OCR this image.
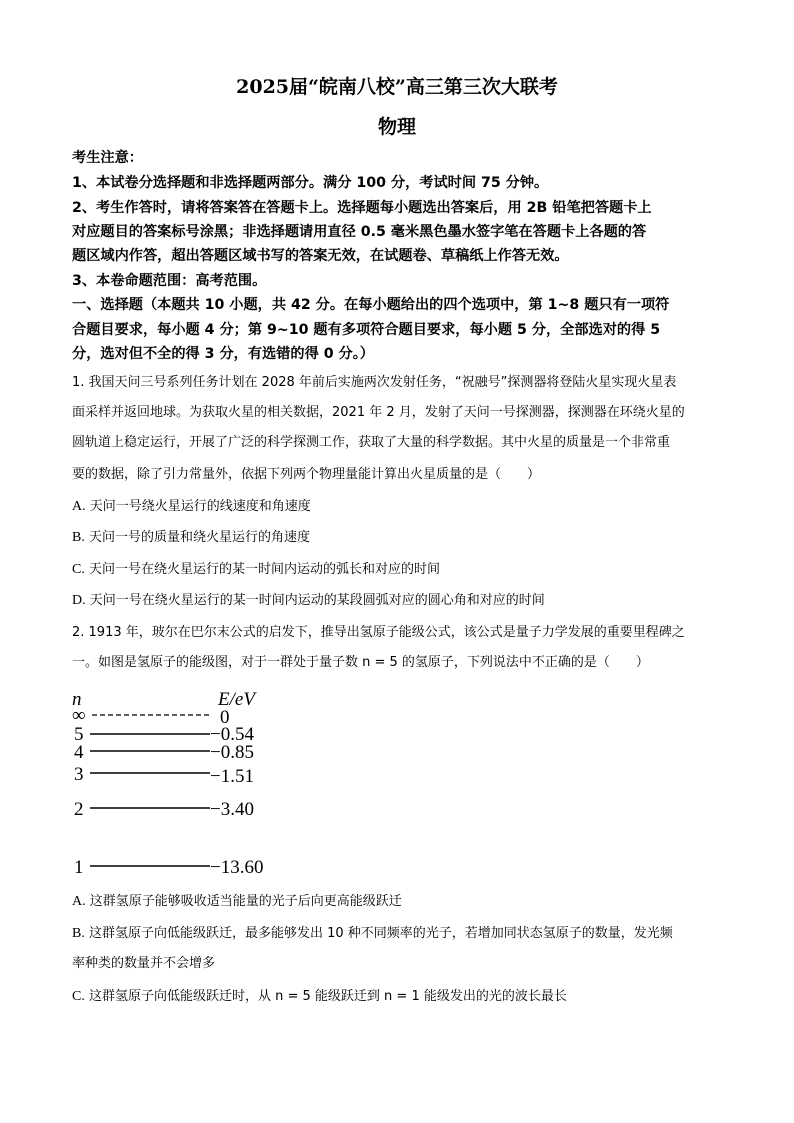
2025届“皖南八校”高三第三次大联考
物理
考生注意：
1、本试卷分选择题和非选择题两部分。满分 100 分，考试时间 75 分钟。
2、考生作答时，请将答案答在答题卡上。选择题每小题选出答案后，用 2B 铅笔把答题卡上
对应题目的答案标号涂黑；非选择题请用直径 0.5 毫米黑色墨水签字笔在答题卡上各题的答
题区域内作答，超出答题区域书写的答案无效，在试题卷、草稿纸上作答无效。
3、本卷命题范围：高考范围。
一、选择题（本题共 10 小题，共 42 分。在每小题给出的四个选项中，第 1~8 题只有一项符
合题目要求，每小题 4 分；第 9~10 题有多项符合题目要求，每小题 5 分，全部选对的得 5
分，选对但不全的得 3 分，有选错的得 0 分。）
1. 我国天问三号系列任务计划在 2028 年前后实施两次发射任务，“祝融号”探测器将登陆火星实现火星表
面采样并返回地球。为获取火星的相关数据，2021 年 2 月，发射了天问一号探测器，探测器在环绕火星的
圆轨道上稳定运行，开展了广泛的科学探测工作，获取了大量的科学数据。其中火星的质量是一个非常重
要的数据，除了引力常量外，依据下列两个物理量能计算出火星质量的是（　　）
A. 天问一号绕火星运行的线速度和角速度
B. 天问一号的质量和绕火星运行的角速度
C. 天问一号在绕火星运行的某一时间内运动的弧长和对应的时间
D. 天问一号在绕火星运行的某一时间内运动的某段圆弧对应的圆心角和对应的时间
2. 1913 年，玻尔在巴尔末公式的启发下，推导出氢原子能级公式，该公式是量子力学发展的重要里程碑之
一。如图是氢原子的能级图，对于一群处于量子数 n = 5 的氢原子，下列说法中不正确的是（　　）
n	E/eV
∞	0
5	−0.54
4	−0.85
3	−1.51
2	−3.40
1	−13.60
A. 这群氢原子能够吸收适当能量的光子后向更高能级跃迁
B. 这群氢原子向低能级跃迁，最多能够发出 10 种不同频率的光子，若增加同状态氢原子的数量，发光频
率种类的数量并不会增多
C. 这群氢原子向低能级跃迁时，从 n = 5 能级跃迁到 n = 1 能级发出的光的波长最长
